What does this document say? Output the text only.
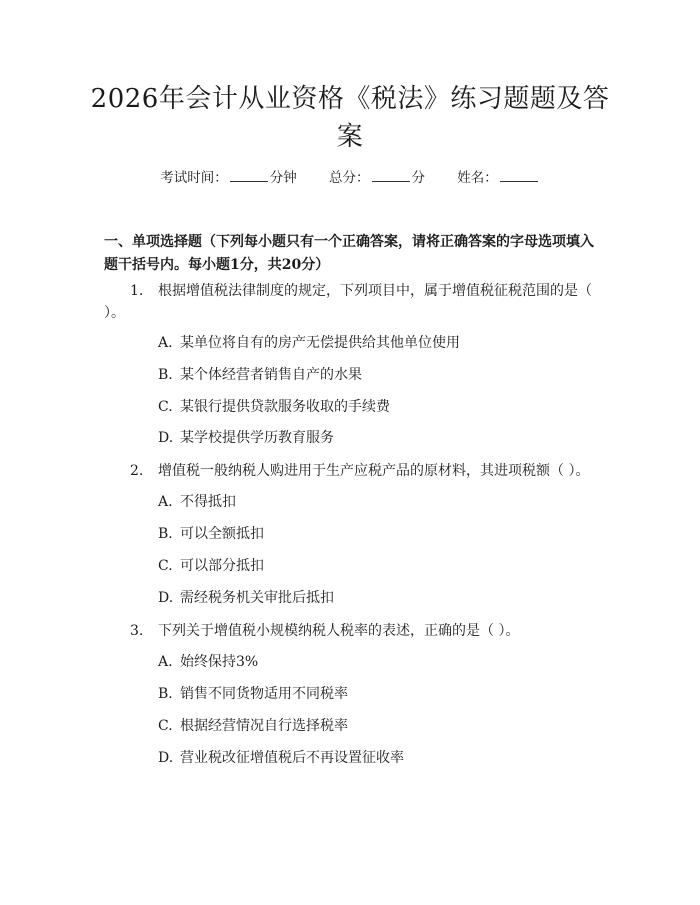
2026年会计从业资格《税法》练习题题及答案
考试时间：	分钟 总分：	分 姓名：

一、单项选择题（下列每小题只有一个正确答案，请将正确答案的字母选项填入题干括号内。每小题1分，共20分）

1. 根据增值税法律制度的规定，下列项目中，属于增值税征税范围的是（ ）。
A. 某单位将自有的房产无偿提供给其他单位使用
B. 某个体经营者销售自产的水果
C. 某银行提供贷款服务收取的手续费
D. 某学校提供学历教育服务
2. 增值税一般纳税人购进用于生产应税产品的原材料，其进项税额（ ）。
A. 不得抵扣
B. 可以全额抵扣
C. 可以部分抵扣
D. 需经税务机关审批后抵扣
3. 下列关于增值税小规模纳税人税率的表述，正确的是（ ）。
A. 始终保持3%
B. 销售不同货物适用不同税率
C. 根据经营情况自行选择税率
D. 营业税改征增值税后不再设置征收率
